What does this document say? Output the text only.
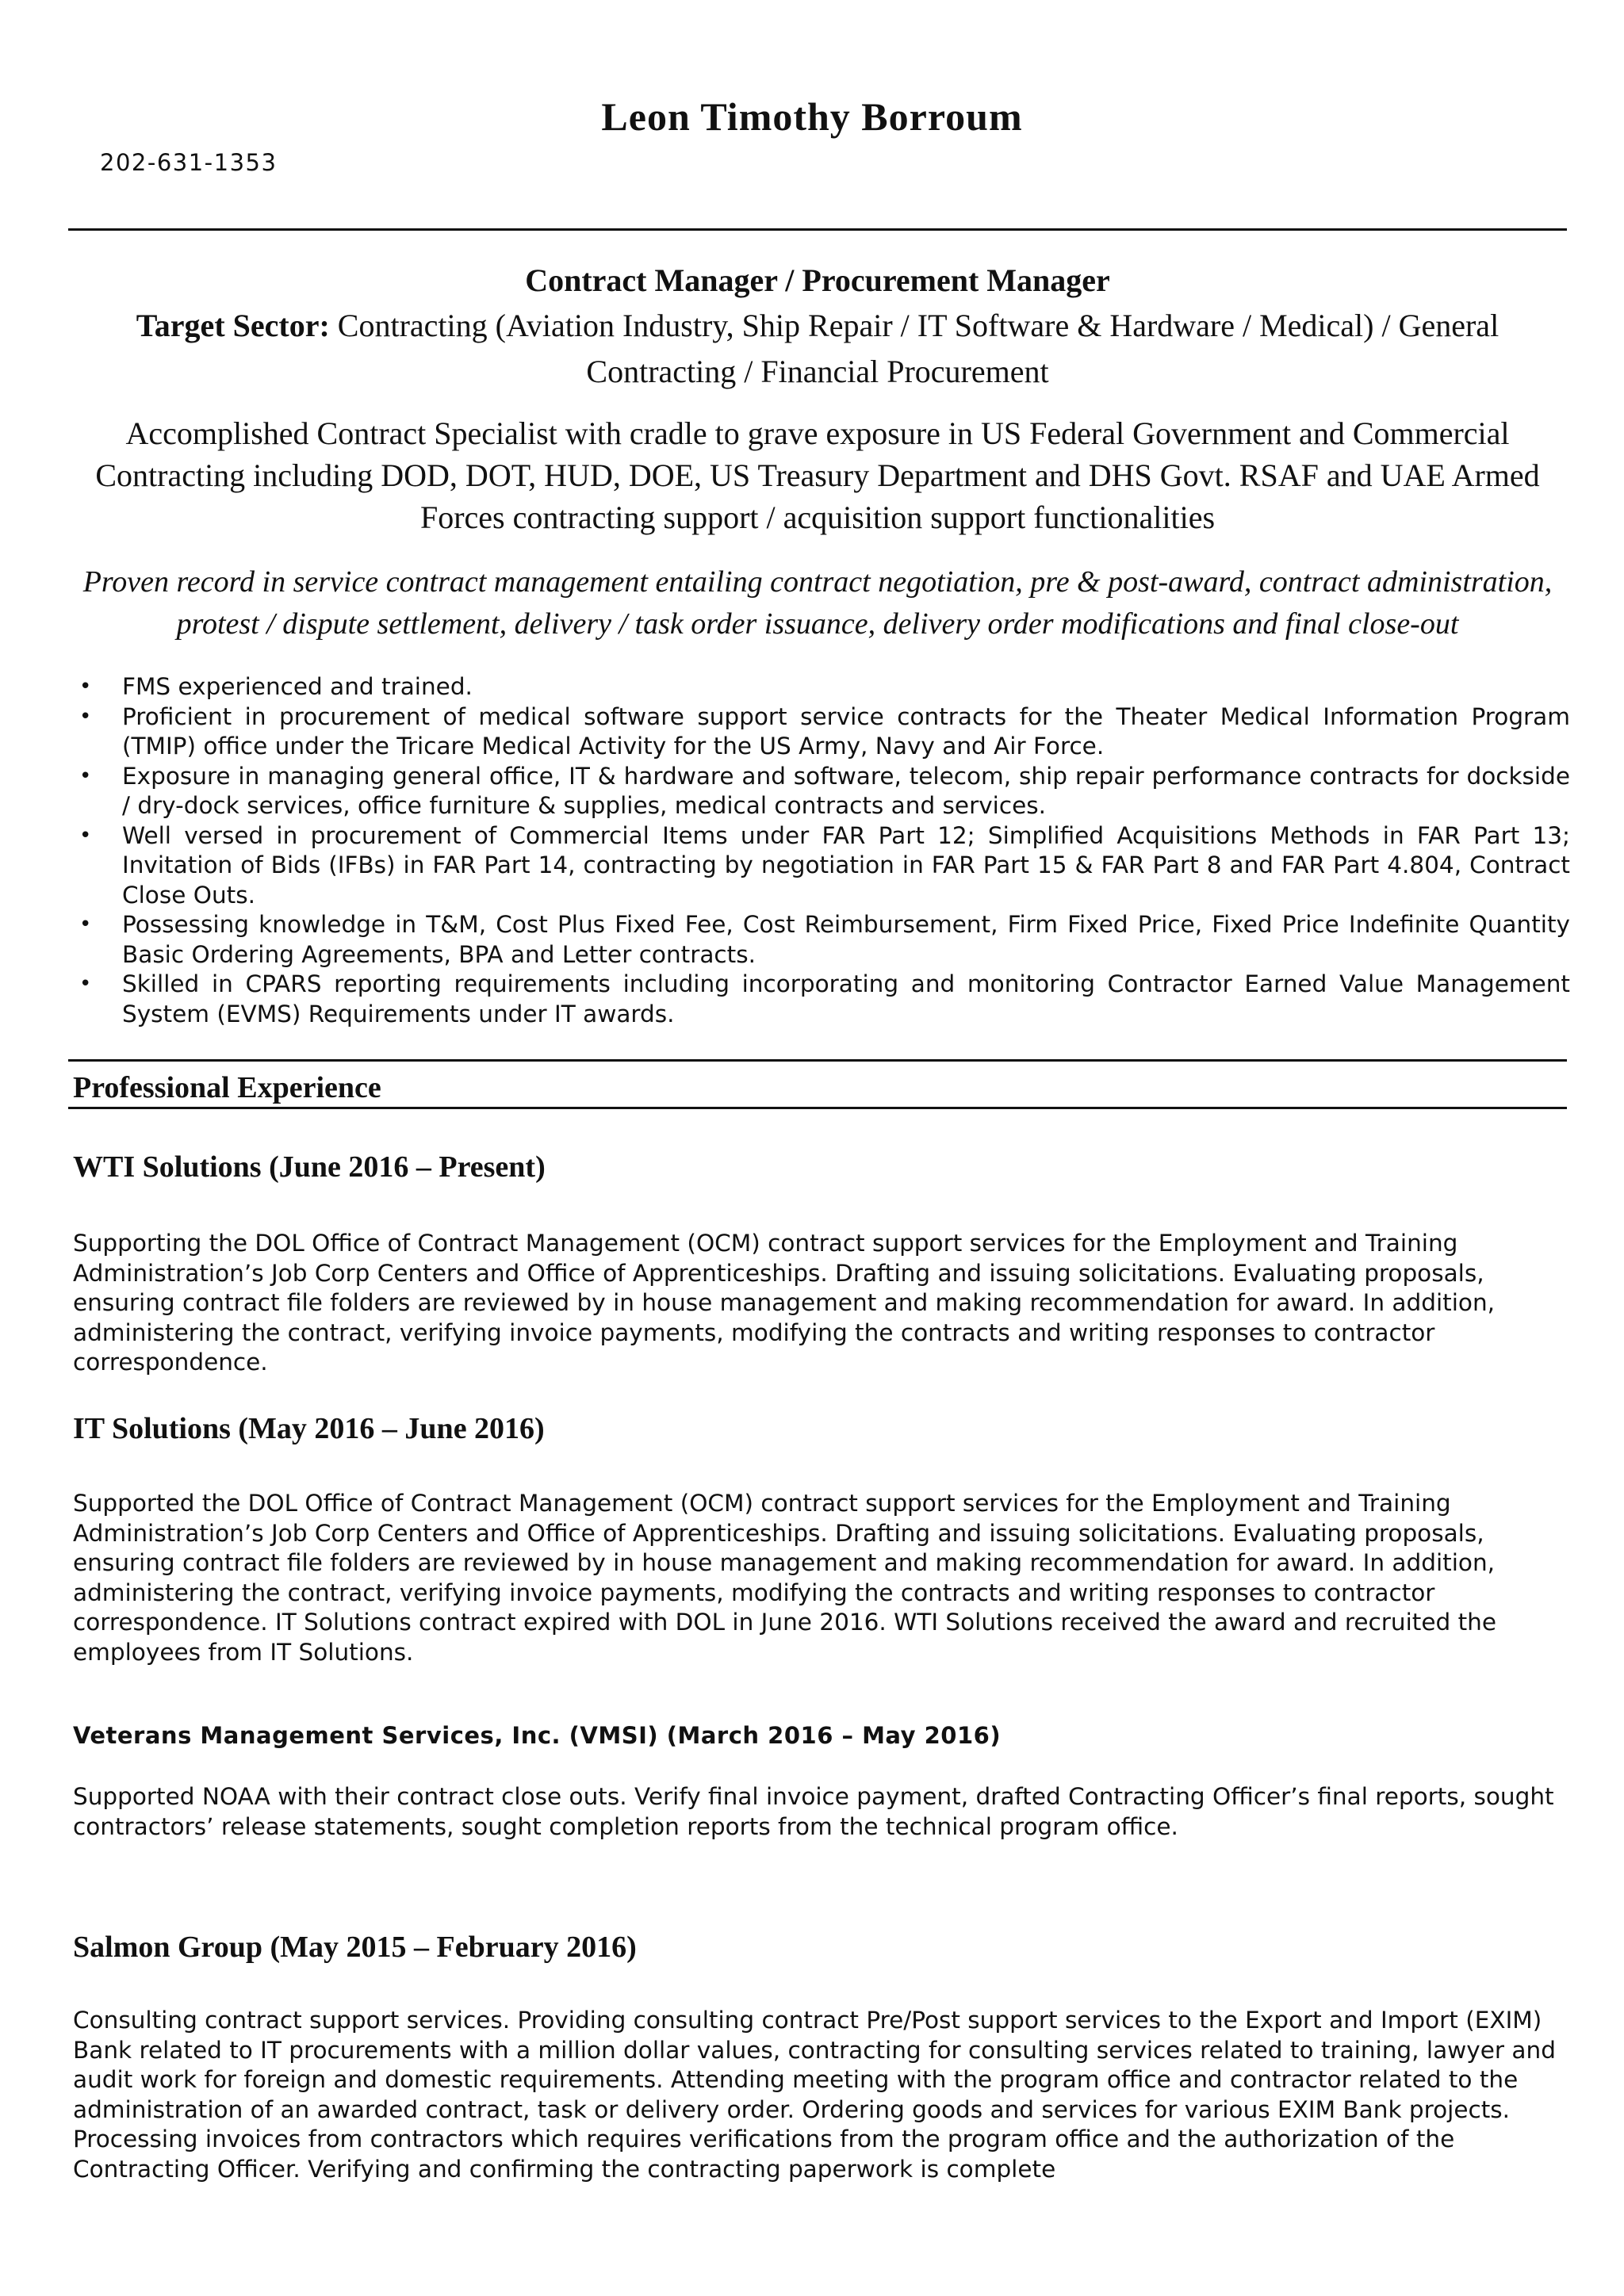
Leon Timothy Borroum
202-631-1353
Contract Manager / Procurement Manager
Target Sector: Contracting (Aviation Industry, Ship Repair / IT Software & Hardware / Medical) / General Contracting / Financial Procurement
Accomplished Contract Specialist with cradle to grave exposure in US Federal Government and Commercial Contracting including DOD, DOT, HUD, DOE, US Treasury Department and DHS Govt. RSAF and UAE Armed Forces contracting support / acquisition support functionalities
Proven record in service contract management entailing contract negotiation, pre & post-award, contract administration, protest / dispute settlement, delivery / task order issuance, delivery order modifications and final close-out
• FMS experienced and trained.
• Proficient in procurement of medical software support service contracts for the Theater Medical Information Program (TMIP) office under the Tricare Medical Activity for the US Army, Navy and Air Force.
• Exposure in managing general office, IT & hardware and software, telecom, ship repair performance contracts for dockside / dry-dock services, office furniture & supplies, medical contracts and services.
• Well versed in procurement of Commercial Items under FAR Part 12; Simplified Acquisitions Methods in FAR Part 13; Invitation of Bids (IFBs) in FAR Part 14, contracting by negotiation in FAR Part 15 & FAR Part 8 and FAR Part 4.804, Contract Close Outs.
• Possessing knowledge in T&M, Cost Plus Fixed Fee, Cost Reimbursement, Firm Fixed Price, Fixed Price Indefinite Quantity Basic Ordering Agreements, BPA and Letter contracts.
• Skilled in CPARS reporting requirements including incorporating and monitoring Contractor Earned Value Management System (EVMS) Requirements under IT awards.
Professional Experience
WTI Solutions (June 2016 – Present)

Supporting the DOL Office of Contract Management (OCM) contract support services for the Employment and Training Administration’s Job Corp Centers and Office of Apprenticeships. Drafting and issuing solicitations. Evaluating proposals, ensuring contract file folders are reviewed by in house management and making recommendation for award. In addition, administering the contract, verifying invoice payments, modifying the contracts and writing responses to contractor correspondence.

IT Solutions (May 2016 – June 2016)

Supported the DOL Office of Contract Management (OCM) contract support services for the Employment and Training Administration’s Job Corp Centers and Office of Apprenticeships. Drafting and issuing solicitations. Evaluating proposals, ensuring contract file folders are reviewed by in house management and making recommendation for award. In addition, administering the contract, verifying invoice payments, modifying the contracts and writing responses to contractor correspondence. IT Solutions contract expired with DOL in June 2016. WTI Solutions received the award and recruited the employees from IT Solutions.

Veterans Management Services, Inc. (VMSI) (March 2016 – May 2016)

Supported NOAA with their contract close outs. Verify final invoice payment, drafted Contracting Officer’s final reports, sought contractors’ release statements, sought completion reports from the technical program office.

Salmon Group (May 2015 – February 2016)

Consulting contract support services. Providing consulting contract Pre/Post support services to the Export and Import (EXIM) Bank related to IT procurements with a million dollar values, contracting for consulting services related to training, lawyer and audit work for foreign and domestic requirements. Attending meeting with the program office and contractor related to the administration of an awarded contract, task or delivery order. Ordering goods and services for various EXIM Bank projects. Processing invoices from contractors which requires verifications from the program office and the authorization of the Contracting Officer. Verifying and confirming the contracting paperwork is complete
